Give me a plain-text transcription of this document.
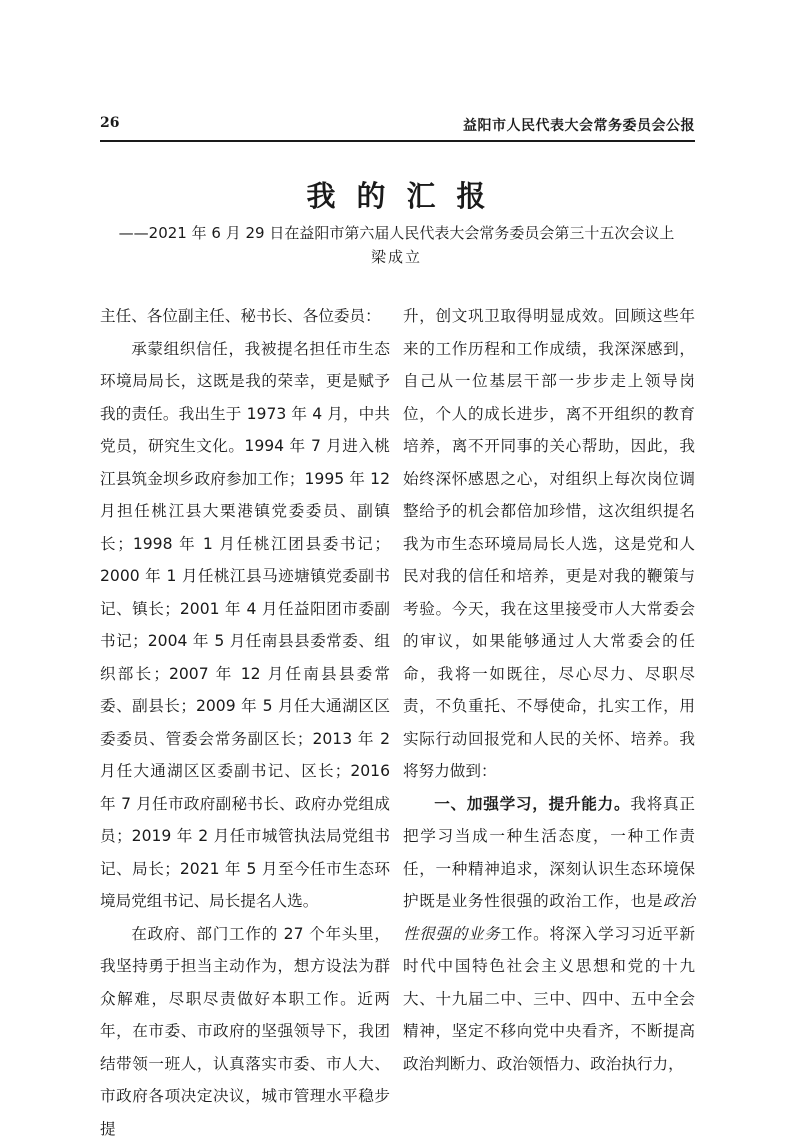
26	益阳市人民代表大会常务委员会公报
我的汇报
——2021 年 6 月 29 日在益阳市第六届人民代表大会常务委员会第三十五次会议上
梁成立

主任、各位副主任、秘书长、各位委员：

承蒙组织信任，我被提名担任市生态环境局局长，这既是我的荣幸，更是赋予我的责任。我出生于 1973 年 4 月，中共党员，研究生文化。1994 年 7 月进入桃江县筑金坝乡政府参加工作；1995 年 12 月担任桃江县大栗港镇党委委员、副镇长；1998 年 1 月任桃江团县委书记；2000 年 1 月任桃江县马迹塘镇党委副书记、镇长；2001 年 4 月任益阳团市委副书记；2004 年 5 月任南县县委常委、组织部长；2007 年 12 月任南县县委常委、副县长；2009 年 5 月任大通湖区区委委员、管委会常务副区长；2013 年 2 月任大通湖区区委副书记、区长；2016 年 7 月任市政府副秘书长、政府办党组成员；2019 年 2 月任市城管执法局党组书记、局长；2021 年 5 月至今任市生态环境局党组书记、局长提名人选。

在政府、部门工作的 27 个年头里，我坚持勇于担当主动作为，想方设法为群众解难，尽职尽责做好本职工作。近两年，在市委、市政府的坚强领导下，我团结带领一班人，认真落实市委、市人大、市政府各项决定决议，城市管理水平稳步提

升，创文巩卫取得明显成效。回顾这些年来的工作历程和工作成绩，我深深感到，自己从一位基层干部一步步走上领导岗位，个人的成长进步，离不开组织的教育培养，离不开同事的关心帮助，因此，我始终深怀感恩之心，对组织上每次岗位调整给予的机会都倍加珍惜，这次组织提名我为市生态环境局局长人选，这是党和人民对我的信任和培养，更是对我的鞭策与考验。今天，我在这里接受市人大常委会的审议，如果能够通过人大常委会的任命，我将一如既往，尽心尽力、尽职尽责，不负重托、不辱使命，扎实工作，用实际行动回报党和人民的关怀、培养。我将努力做到：

一、加强学习，提升能力。我将真正把学习当成一种生活态度，一种工作责任，一种精神追求，深刻认识生态环境保护既是业务性很强的政治工作，也是政治性很强的业务工作。将深入学习习近平新时代中国特色社会主义思想和党的十九大、十九届二中、三中、四中、五中全会精神，坚定不移向党中央看齐，不断提高政治判断力、政治领悟力、政治执行力，
